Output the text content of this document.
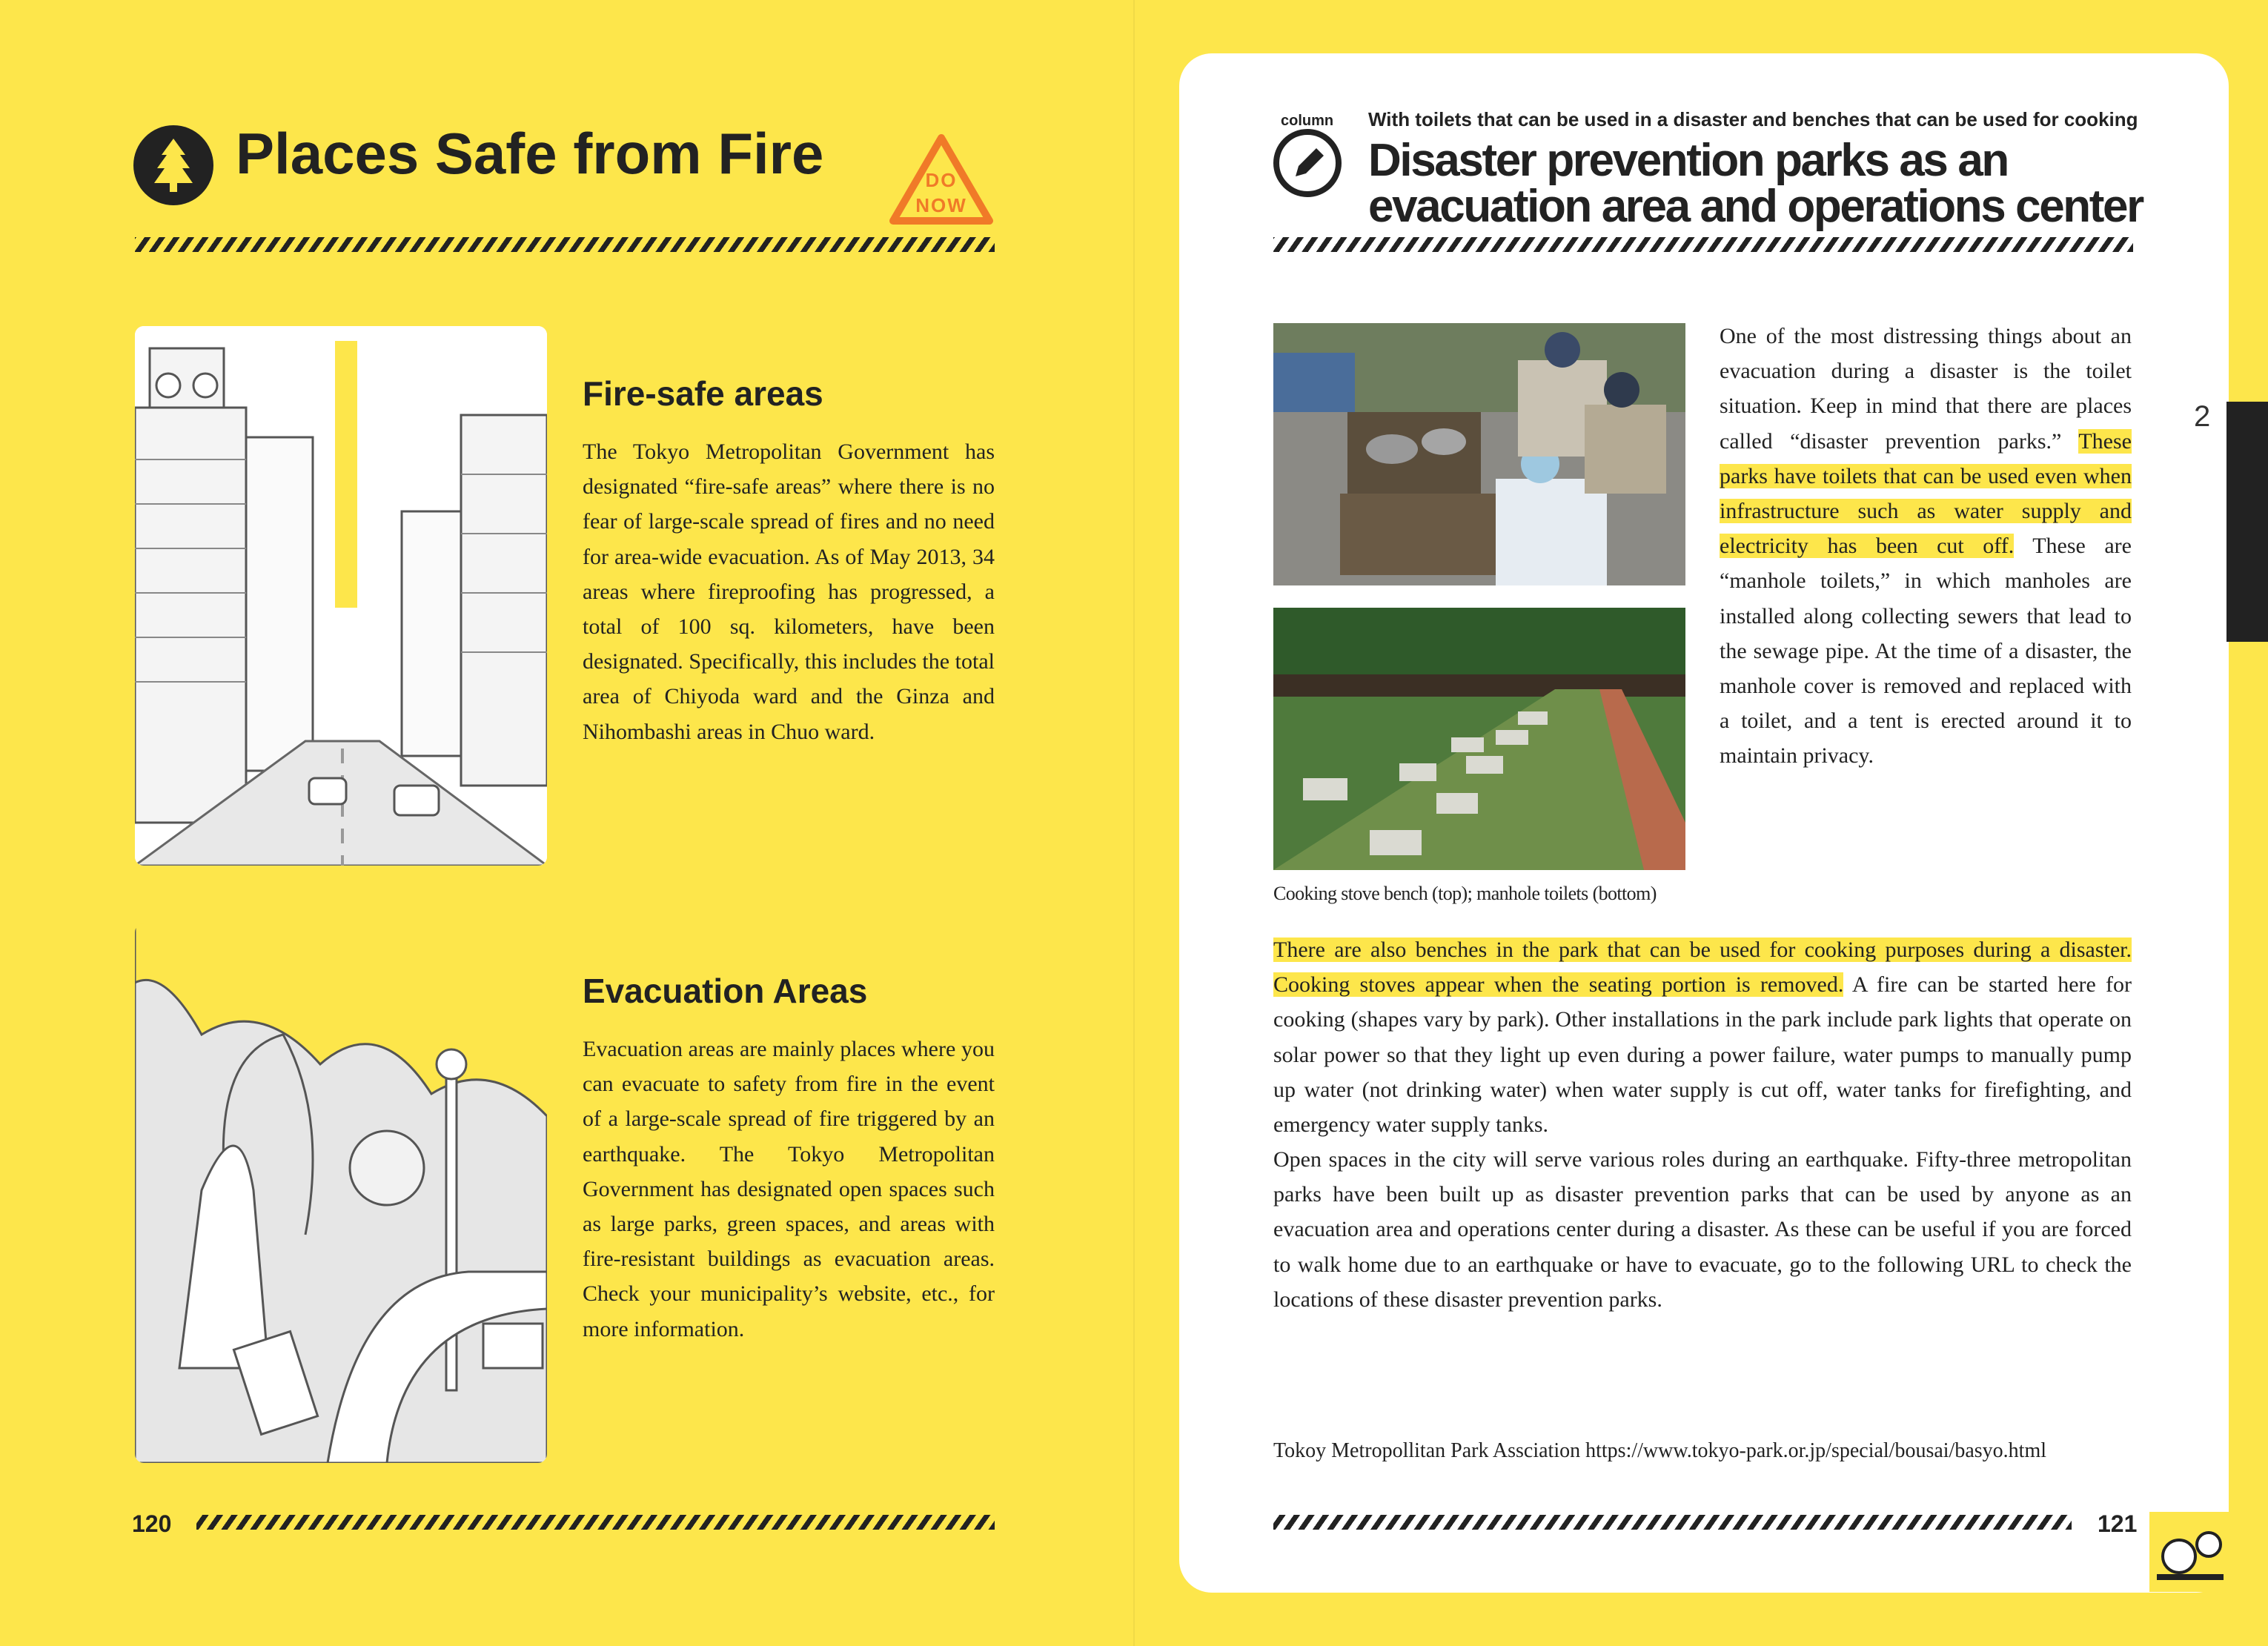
Places Safe from Fire	DO
NOW
Fire-safe areas

The Tokyo Metropolitan Government has designated “fire-safe areas” where there is no fear of large-scale spread of fires and no need for area-wide evacuation. As of May 2013, 34 areas where fireproofing has progressed, a total of 100 sq. kilometers, have been designated. Specifically, this includes the total area of Chiyoda ward and the Ginza and Nihombashi areas in Chuo ward.

Evacuation Areas

Evacuation areas are mainly places where you can evacuate to safety from fire in the event of a large-scale spread of fire triggered by an earthquake. The Tokyo Metropolitan Government has designated open spaces such as large parks, green spaces, and areas with fire-resistant buildings as evacuation areas. Check your municipality’s website, etc., for more information.

120
column With toilets that can be used in a disaster and benches that can be used for cooking

Disaster prevention parks as an
evacuation area and operations center

Cooking stove bench (top); manhole toilets (bottom)

One of the most distressing things about an evacuation during a disaster is the toilet situation. Keep in mind that there are places called “disaster prevention parks.” These parks have toilets that can be used even when infrastructure such as water supply and electricity has been cut off. These are “manhole toilets,” in which manholes are installed along collecting sewers that lead to the sewage pipe. At the time of a disaster, the manhole cover is removed and replaced with a toilet, and a tent is erected around it to maintain privacy.

There are also benches in the park that can be used for cooking purposes during a disaster. Cooking stoves appear when the seating portion is removed. A fire can be started here for cooking (shapes vary by park). Other installations in the park include park lights that operate on solar power so that they light up even during a power failure, water pumps to manually pump up water (not drinking water) when water supply is cut off, water tanks for firefighting, and emergency water supply tanks.

Open spaces in the city will serve various roles during an earthquake. Fifty-three metropolitan parks have been built up as disaster prevention parks that can be used by anyone as an evacuation area and operations center during a disaster. As these can be useful if you are forced to walk home due to an earthquake or have to evacuate, go to the following URL to check the locations of these disaster prevention parks.

Tokoy Metropollitan Park Assciation https://www.tokyo-park.or.jp/special/bousai/basyo.html

121
2
